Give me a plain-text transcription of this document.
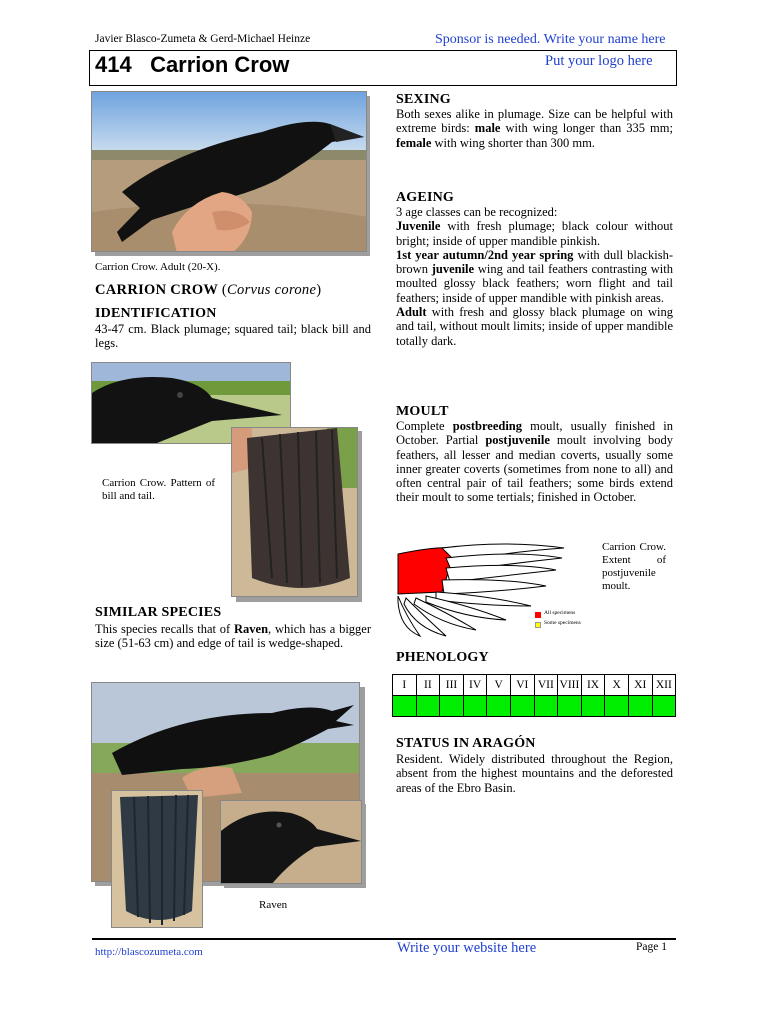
Javier Blasco-Zumeta & Gerd-Michael Heinze	Sponsor is needed. Write your name here
414 Carrion Crow	Put your logo here
Carrion Crow. Adult (20-X).
CARRION CROW (Corvus corone)
IDENTIFICATION
43-47 cm. Black plumage; squared tail; black bill and legs.
Carrion Crow. Pattern of bill and tail.
SIMILAR SPECIES
This species recalls that of Raven, which has a bigger size (51-63 cm) and edge of tail is wedge-shaped.
Raven
SEXING
Both sexes alike in plumage. Size can be helpful with extreme birds: male with wing longer than 335 mm; female with wing shorter than 300 mm.
AGEING
3 age classes can be recognized:
Juvenile with fresh plumage; black colour without bright; inside of upper mandible pinkish.
1st year autumn/2nd year spring with dull blackish-brown juvenile wing and tail feathers contrasting with moulted glossy black feathers; worn flight and tail feathers; inside of upper mandible with pinkish areas.
Adult with fresh and glossy black plumage on wing and tail, without moult limits; inside of upper mandible totally dark.
MOULT
Complete postbreeding moult, usually finished in October. Partial postjuvenile moult involving body feathers, all lesser and median coverts, usually some inner greater coverts (sometimes from none to all) and often central pair of tail feathers; some birds extend their moult to some tertials; finished in October.
All specimens
Some specimens
Carrion Crow. Extent of postjuvenile moult.
PHENOLOGY
I	II	III	IV	V	VI	VII	VIII	IX	X	XI	XII

STATUS IN ARAGÓN
Resident. Widely distributed throughout the Region, absent from the highest mountains and the deforested areas of the Ebro Basin.
http://blascozumeta.com	Write your website here	Page 1
